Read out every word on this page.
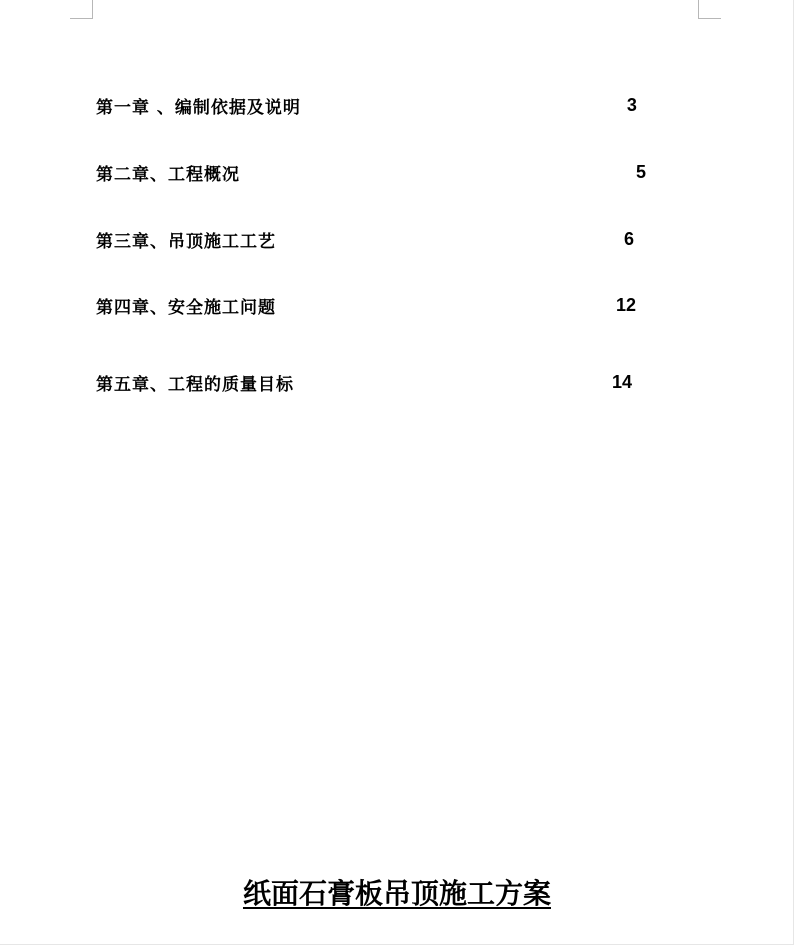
第一章 、编制依据及说明	3
第二章、工程概况	5
第三章、吊顶施工工艺	6
第四章、安全施工问题	12
第五章、工程的质量目标	14
纸面石膏板吊顶施工方案
